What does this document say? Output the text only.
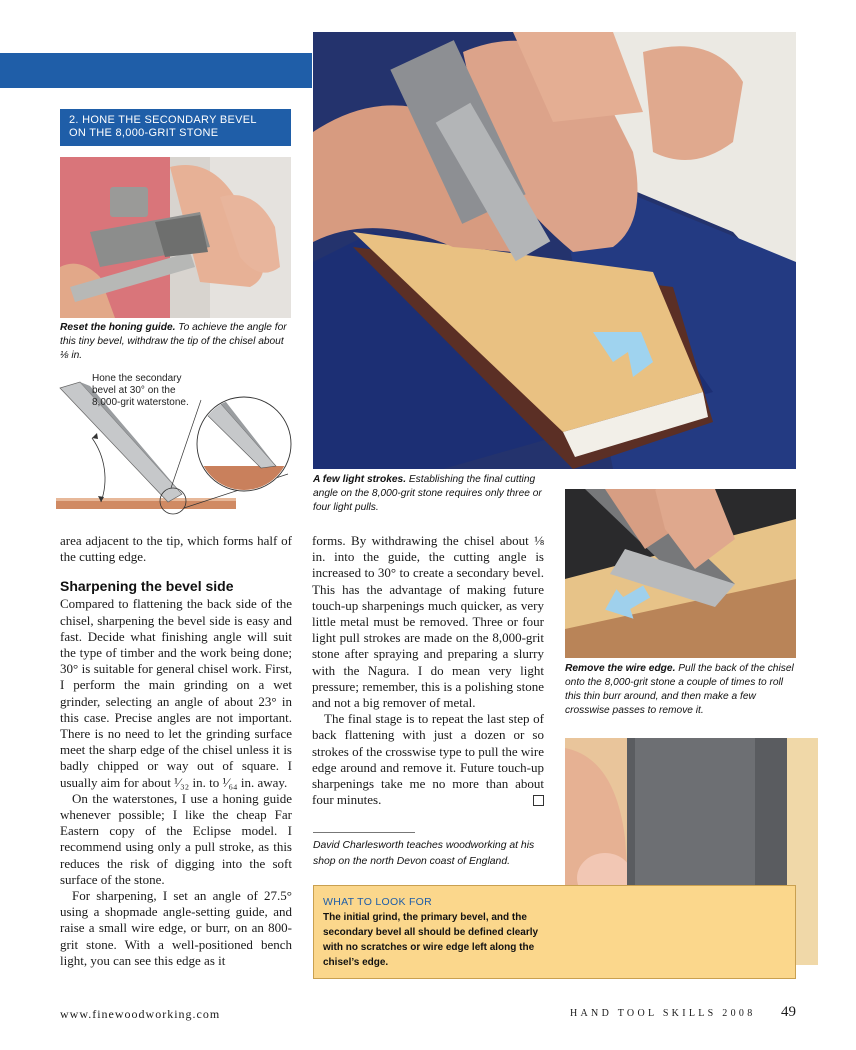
2. HONE THE SECONDARY BEVEL
ON THE 8,000-GRIT STONE
Reset the honing guide. To achieve the angle for this tiny bevel, withdraw the tip of the chisel about ⅛ in.
Hone the secondary
bevel at 30° on the
8,000-grit waterstone.
A few light strokes. Establishing the final cutting angle on the 8,000-grit stone requires only three or four light pulls.
Remove the wire edge. Pull the back of the chisel onto the 8,000-grit stone a couple of times to roll this thin burr around, and then make a few crosswise passes to remove it.

area adjacent to the tip, which forms half of the cutting edge.

Sharpening the bevel side

Compared to flattening the back side of the chisel, sharpening the bevel side is easy and fast. Decide what finishing angle will suit the type of timber and the work being done; 30° is suitable for general chisel work. First, I perform the main grinding on a wet grinder, selecting an angle of about 23° in this case. Precise angles are not important. There is no need to let the grinding surface meet the sharp edge of the chisel unless it is badly chipped or way out of square. I usually aim for about ¹⁄₃₂ in. to ¹⁄₆₄ in. away.

On the waterstones, I use a honing guide whenever possible; I like the cheap Far Eastern copy of the Eclipse model. I recommend using only a pull stroke, as this reduces the risk of digging into the soft surface of the stone.

For sharpening, I set an angle of 27.5° using a shopmade angle-setting guide, and raise a small wire edge, or burr, on an 800-grit stone. With a well-positioned bench light, you can see this edge as it

forms. By withdrawing the chisel about ⅛ in. into the guide, the cutting angle is increased to 30° to create a secondary bevel. This has the advantage of making future touch-up sharpenings much quicker, as very little metal must be removed. Three or four light pull strokes are made on the 8,000-grit stone after spraying and preparing a slurry with the Nagura. I do mean very light pressure; remember, this is a polishing stone and not a big remover of metal.

The final stage is to repeat the last step of back flattening with just a dozen or so strokes of the crosswise type to pull the wire edge around and remove it. Future touch-up sharpenings take me no more than about four minutes.

David Charlesworth teaches woodworking at his shop on the north Devon coast of England.
WHAT TO LOOK FOR
The initial grind, the primary bevel, and the secondary bevel all should be defined clearly with no scratches or wire edge left along the chisel’s edge.
www.finewoodworking.com	HAND TOOL SKILLS 2008 49
